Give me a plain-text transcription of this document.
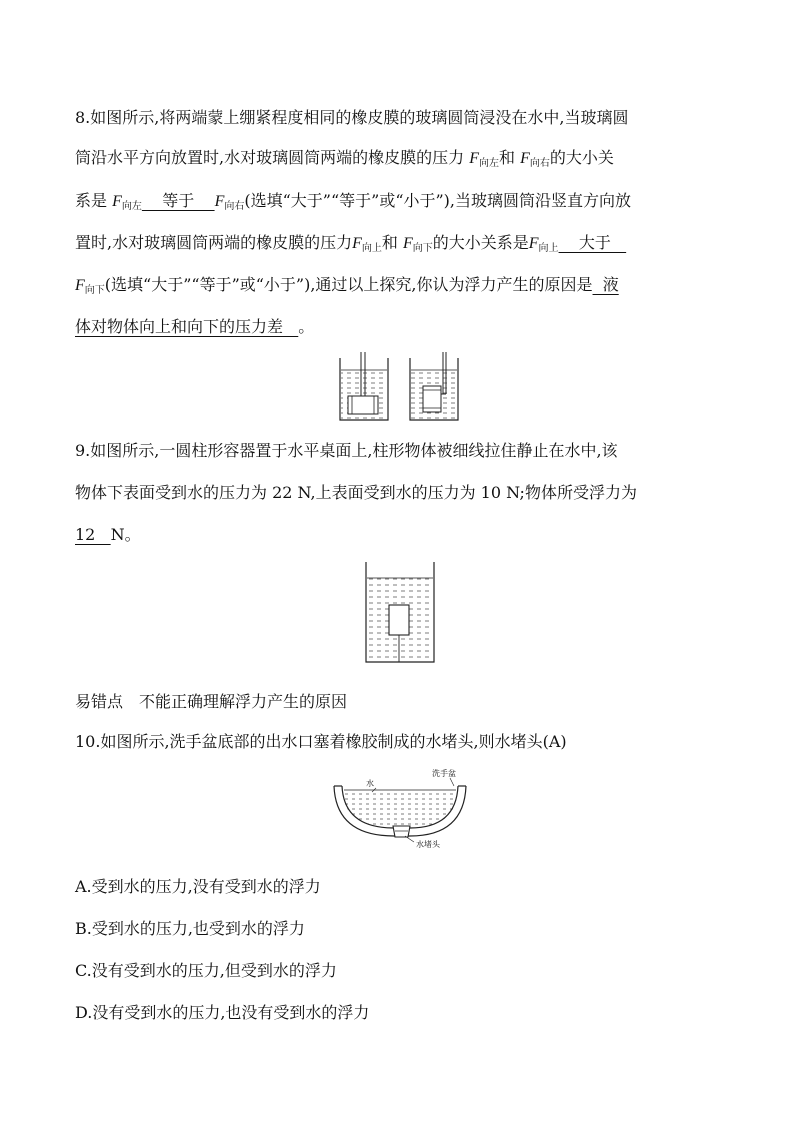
8.如图所示,将两端蒙上绷紧程度相同的橡皮膜的玻璃圆筒浸没在水中,当玻璃圆
筒沿水平方向放置时,水对玻璃圆筒两端的橡皮膜的压力 $F_{向左}$和 $F_{向右}$的大小关
系是 $F_{向左}$    等于    $F_{向右}$(选填“大于”“等于”或“小于”),当玻璃圆筒沿竖直方向放
置时,水对玻璃圆筒两端的橡皮膜的压力$F_{向上}$和 $F_{向下}$的大小关系是$F_{向上}$    大于
$F_{向下}$(选填“大于”“等于”或“小于”),通过以上探究,你认为浮力产生的原因是  液
体对物体向上和向下的压力差   。
9.如图所示,一圆柱形容器置于水平桌面上,柱形物体被细线拉住静止在水中,该
物体下表面受到水的压力为 22 N,上表面受到水的压力为 10 N;物体所受浮力为
12   N。
易错点　不能正确理解浮力产生的原因
10.如图所示,洗手盆底部的出水口塞着橡胶制成的水堵头,则水堵头(A)
水
洗手盆
水堵头
A.受到水的压力,没有受到水的浮力
B.受到水的压力,也受到水的浮力
C.没有受到水的压力,但受到水的浮力
D.没有受到水的压力,也没有受到水的浮力
